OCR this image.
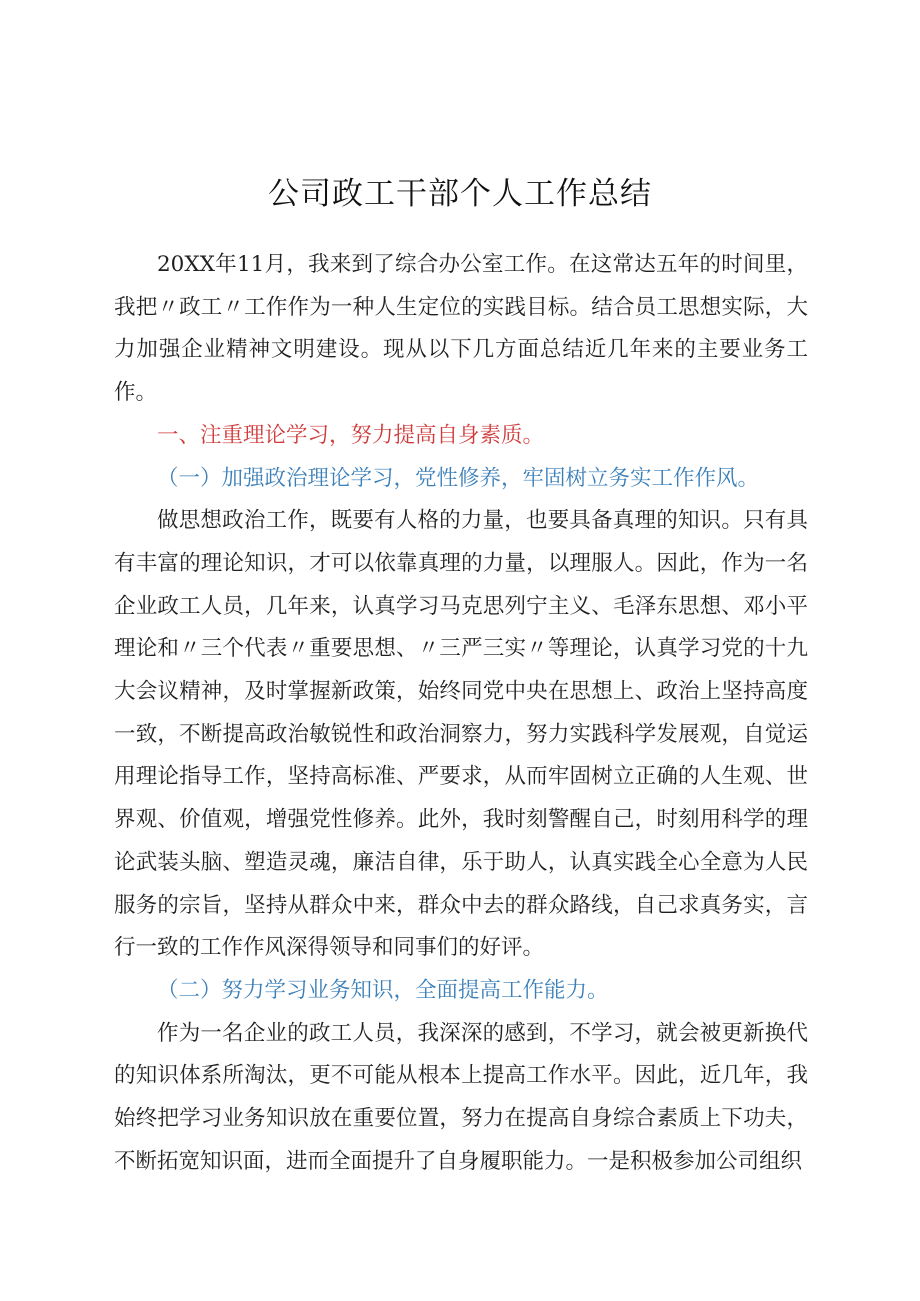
公司政工干部个人工作总结

20XX年11月，我来到了综合办公室工作。在这常达五年的时间里，我把〃政工〃工作作为一种人生定位的实践目标。结合员工思想实际，大力加强企业精神文明建设。现从以下几方面总结近几年来的主要业务工作。

一、注重理论学习，努力提高自身素质。

（一）加强政治理论学习，党性修养，牢固树立务实工作作风。

做思想政治工作，既要有人格的力量，也要具备真理的知识。只有具有丰富的理论知识，才可以依靠真理的力量，以理服人。因此，作为一名企业政工人员，几年来，认真学习马克思列宁主义、毛泽东思想、邓小平理论和〃三个代表〃重要思想、〃三严三实〃等理论，认真学习党的十九大会议精神，及时掌握新政策，始终同党中央在思想上、政治上坚持高度一致，不断提高政治敏锐性和政治洞察力，努力实践科学发展观，自觉运用理论指导工作，坚持高标准、严要求，从而牢固树立正确的人生观、世界观、价值观，增强党性修养。此外，我时刻警醒自己，时刻用科学的理论武装头脑、塑造灵魂，廉洁自律，乐于助人，认真实践全心全意为人民服务的宗旨，坚持从群众中来，群众中去的群众路线，自己求真务实，言行一致的工作作风深得领导和同事们的好评。

（二）努力学习业务知识，全面提高工作能力。

作为一名企业的政工人员，我深深的感到，不学习，就会被更新换代的知识体系所淘汰，更不可能从根本上提高工作水平。因此，近几年，我始终把学习业务知识放在重要位置，努力在提高自身综合素质上下功夫，不断拓宽知识面，进而全面提升了自身履职能力。一是积极参加公司组织
